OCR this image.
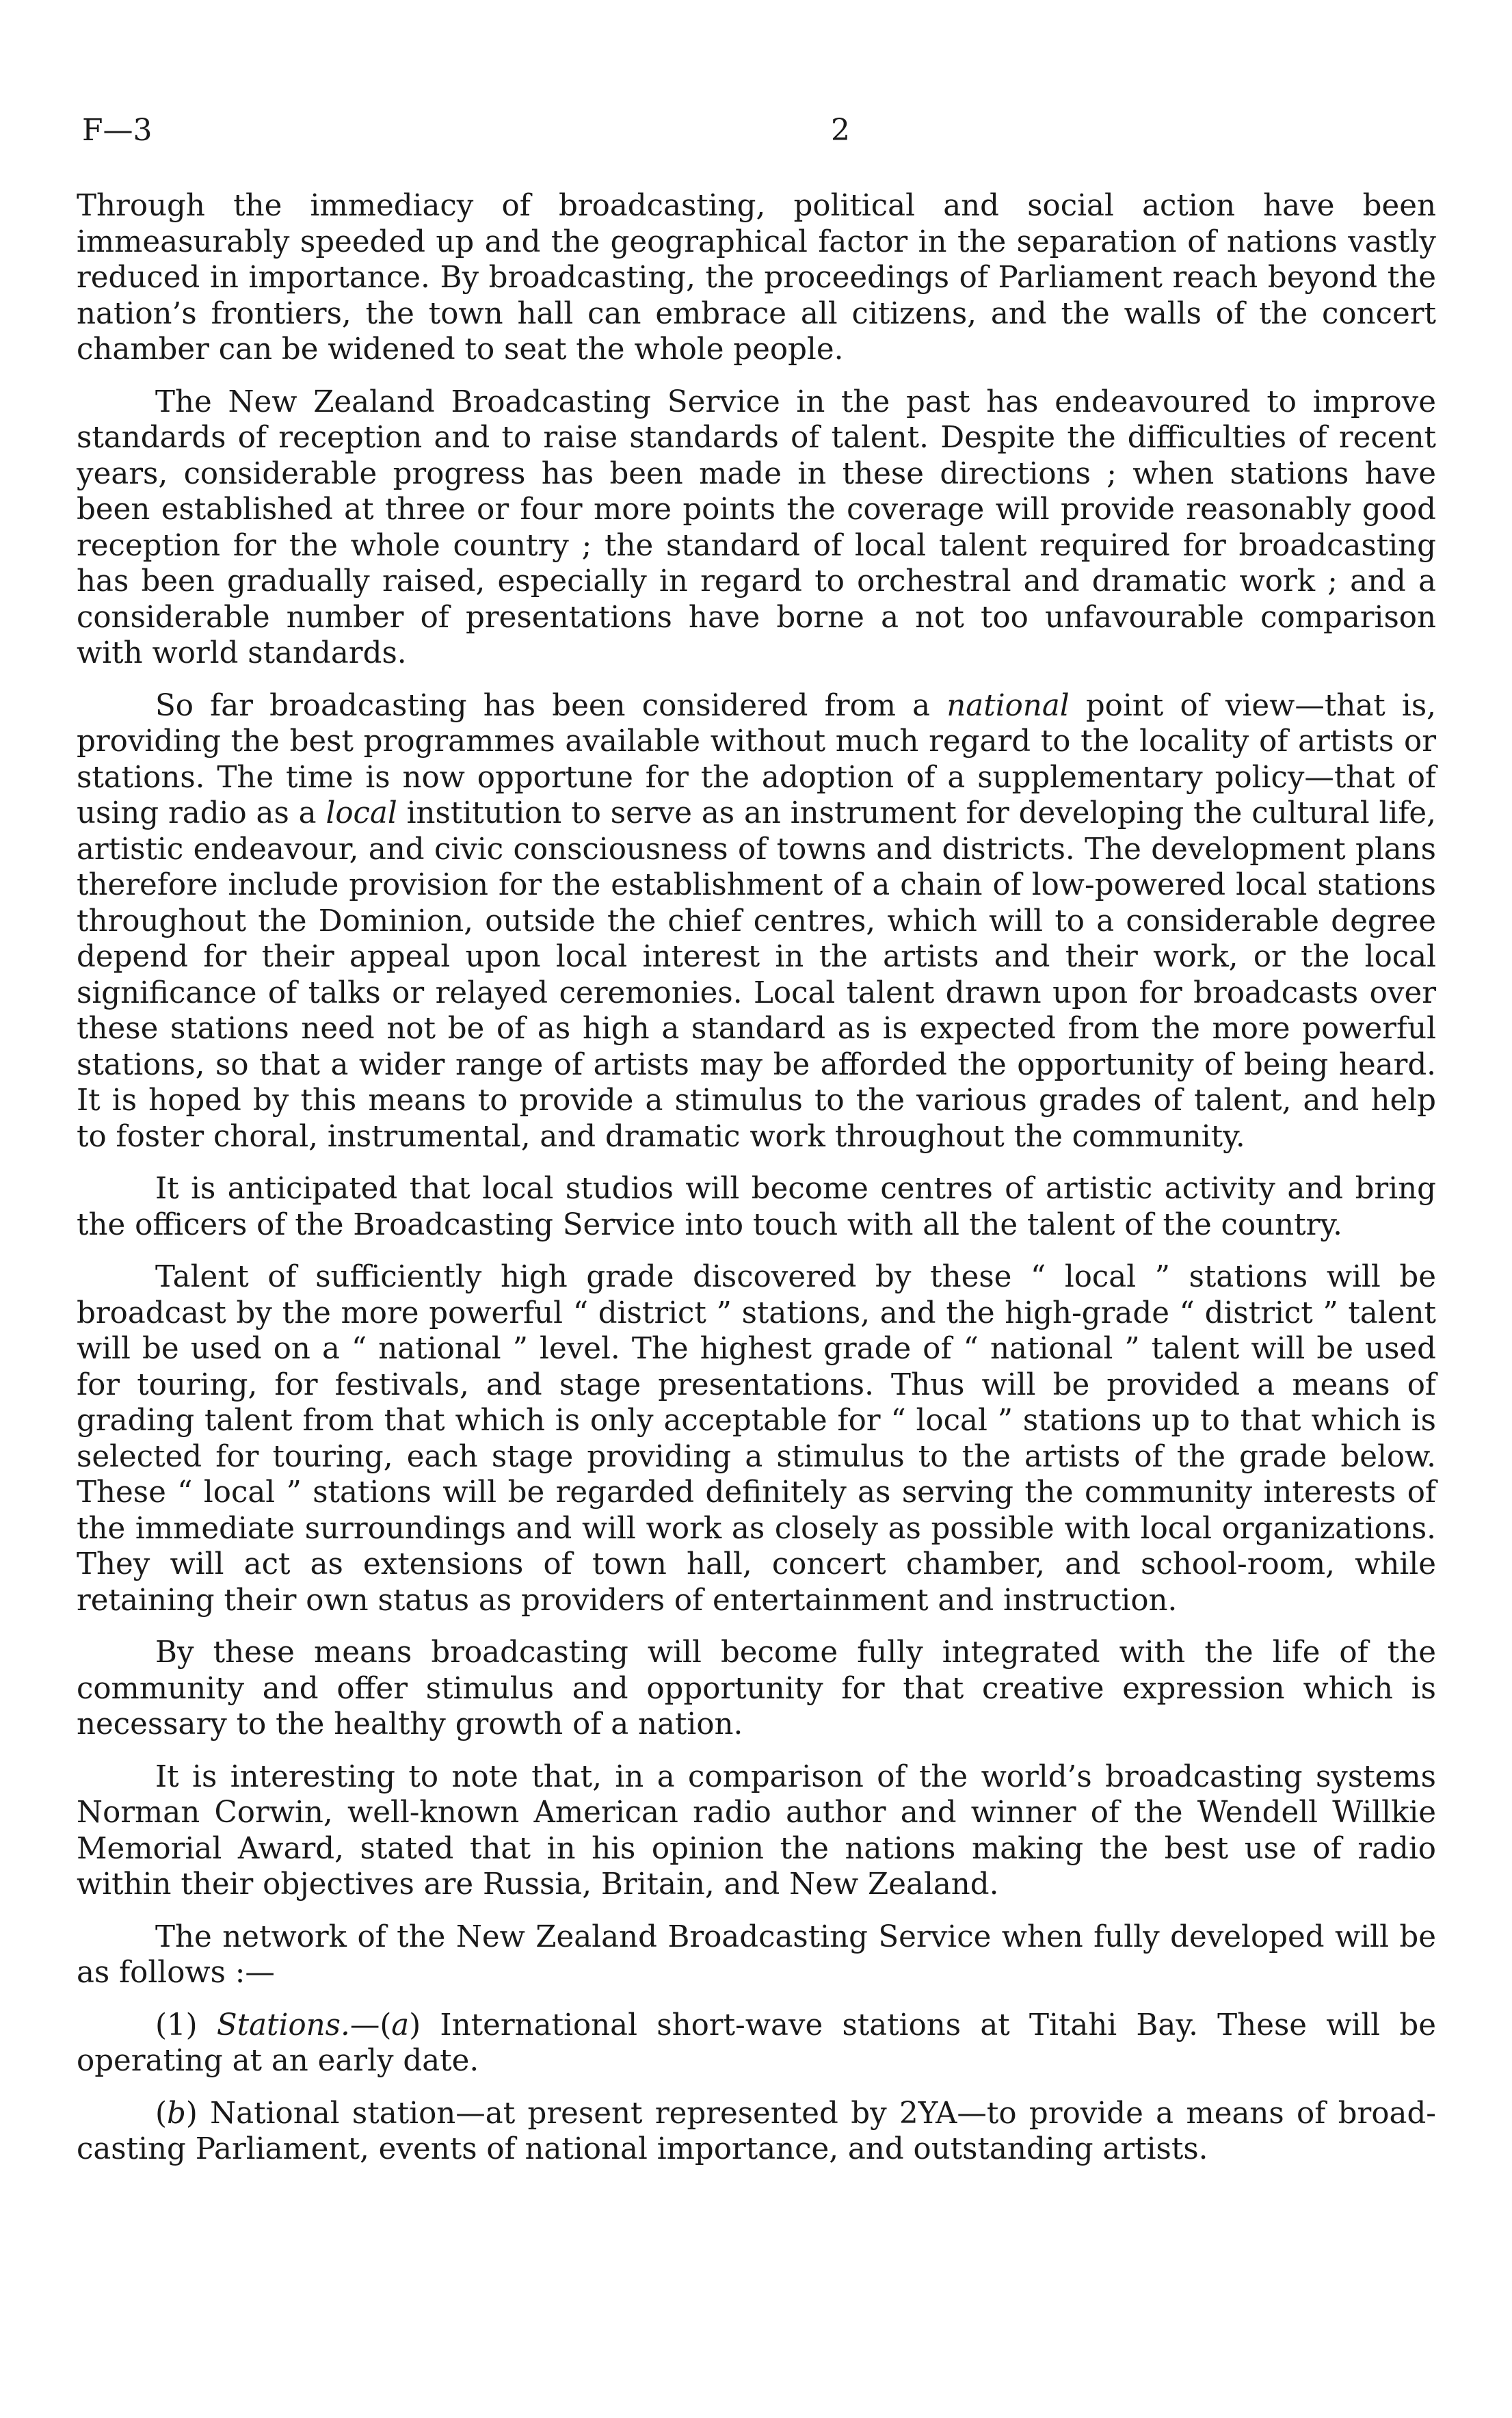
F—3	2

Through the immediacy of broadcasting, political and social action have been immeasurably speeded up and the geographical factor in the separation of nations vastly reduced in importance. By broadcasting, the proceedings of Parliament reach beyond the nation’s frontiers, the town hall can embrace all citizens, and the walls of the concert chamber can be widened to seat the whole people.

The New Zealand Broadcasting Service in the past has endeavoured to improve standards of reception and to raise standards of talent. Despite the difficulties of recent years, considerable progress has been made in these directions ; when stations have been established at three or four more points the coverage will provide reasonably good reception for the whole country ; the standard of local talent required for broadcasting has been gradually raised, especially in regard to orchestral and dramatic work ; and a considerable number of presentations have borne a not too unfavourable comparison with world standards.

So far broadcasting has been considered from a national point of view—that is, providing the best programmes available without much regard to the locality of artists or stations. The time is now opportune for the adoption of a supplementary policy—that of using radio as a local institution to serve as an instrument for developing the cultural life, artistic endeavour, and civic consciousness of towns and districts. The development plans therefore include provision for the establishment of a chain of low-powered local stations throughout the Dominion, outside the chief centres, which will to a considerable degree depend for their appeal upon local interest in the artists and their work, or the local significance of talks or relayed ceremonies. Local talent drawn upon for broadcasts over these stations need not be of as high a standard as is expected from the more powerful stations, so that a wider range of artists may be afforded the opportunity of being heard. It is hoped by this means to provide a stimulus to the various grades of talent, and help to foster choral, instrumental, and dramatic work throughout the community.

It is anticipated that local studios will become centres of artistic activity and bring the officers of the Broadcasting Service into touch with all the talent of the country.

Talent of sufficiently high grade discovered by these “ local ” stations will be broadcast by the more powerful “ district ” stations, and the high-grade “ district ” talent will be used on a “ national ” level. The highest grade of “ national ” talent will be used for touring, for festivals, and stage presentations. Thus will be provided a means of grading talent from that which is only acceptable for “ local ” stations up to that which is selected for touring, each stage providing a stimulus to the artists of the grade below. These “ local ” stations will be regarded definitely as serving the community interests of the immediate surroundings and will work as closely as possible with local organizations. They will act as extensions of town hall, concert chamber, and school-room, while retaining their own status as providers of entertainment and instruction.

By these means broadcasting will become fully integrated with the life of the community and offer stimulus and opportunity for that creative expression which is necessary to the healthy growth of a nation.

It is interesting to note that, in a comparison of the world’s broadcasting systems Norman Corwin, well-known American radio author and winner of the Wendell Willkie Memorial Award, stated that in his opinion the nations making the best use of radio within their objectives are Russia, Britain, and New Zealand.

The network of the New Zealand Broadcasting Service when fully developed will be as follows :—

(1) Stations.—(a) International short-wave stations at Titahi Bay. These will be operating at an early date.

(b) National station—at present represented by 2YA—to provide a means of broad-casting Parliament, events of national importance, and outstanding artists.
